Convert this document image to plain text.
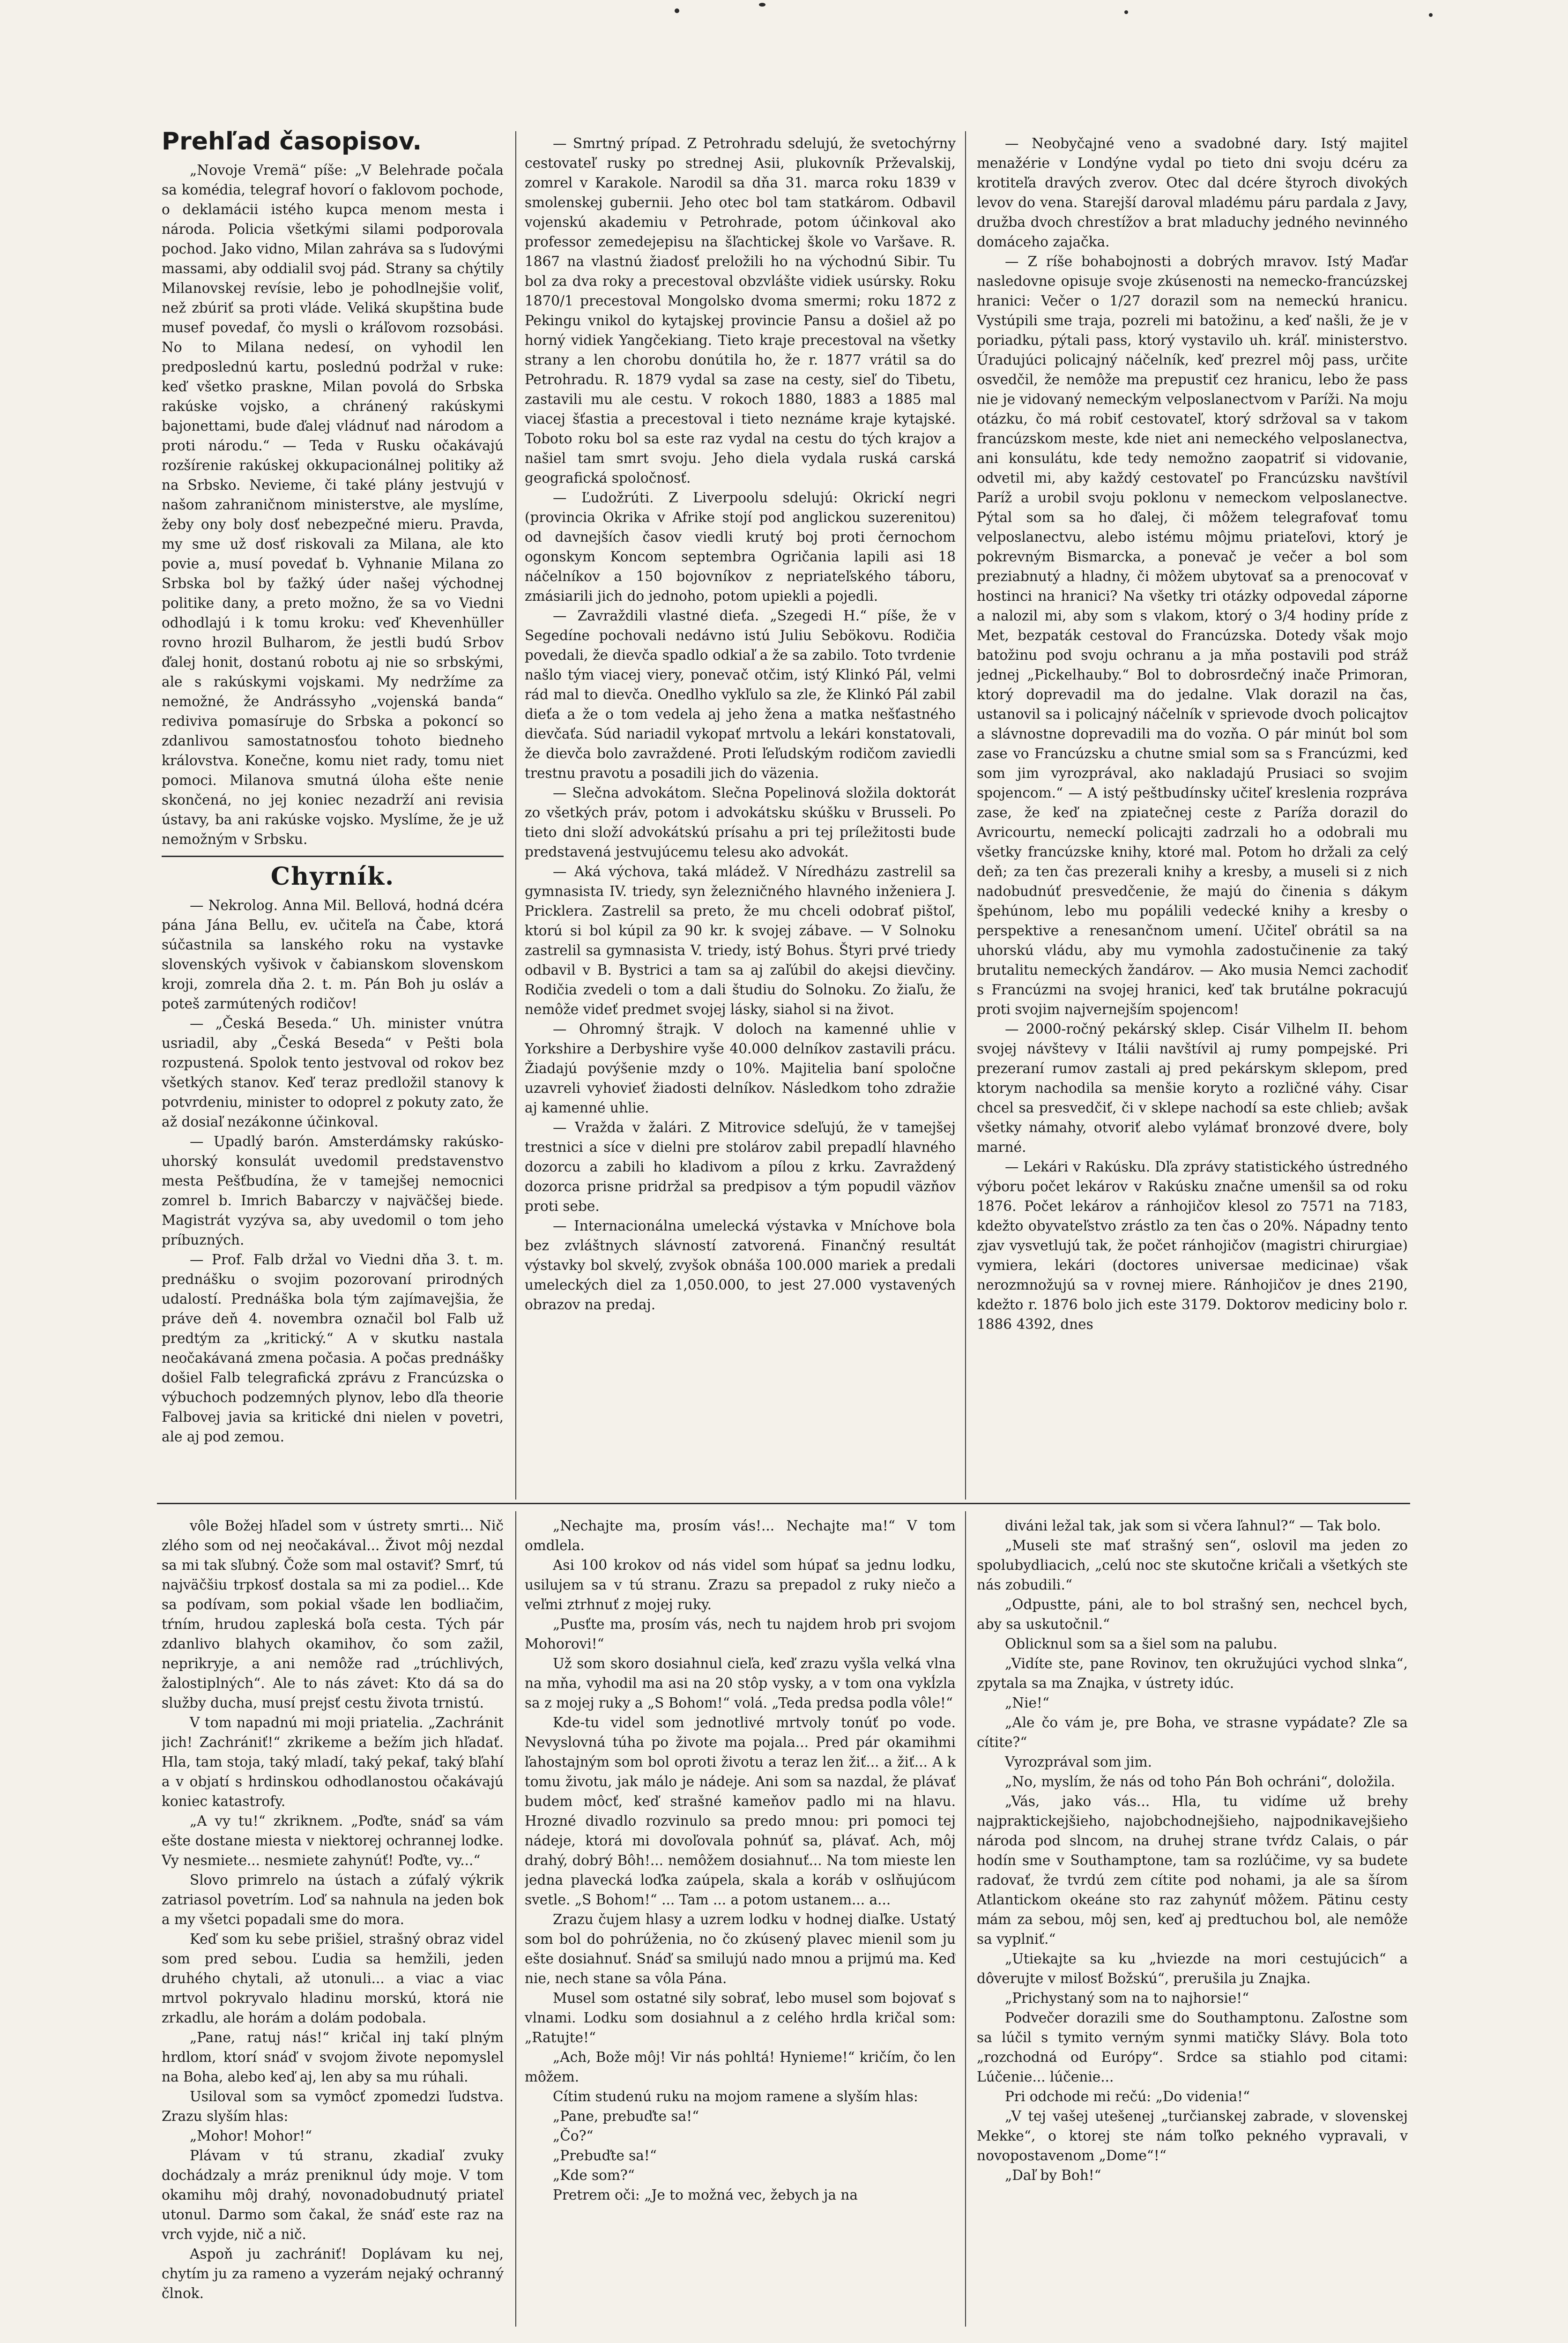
Prehľad časopisov.

„Novoje Vremä“ píše: „V Belehrade počala sa komédia, telegraf hovorí o faklovom pochode, o deklamácii istého kupca menom mesta i národa. Policia všetkými silami podporovala pochod. Jako vidno, Milan zahráva sa s ľudovými massami, aby oddialil svoj pád. Strany sa chýtily Milanovskej revísie, lebo je pohodlnejšie voliť, než zbúriť sa proti vláde. Veliká skupština bude musef povedaf, čo mysli o kráľovom rozsobási. No to Milana nedesí, on vyhodil len predposlednú kartu, poslednú podržal v ruke: keď všetko praskne, Milan povolá do Srbska rakúske vojsko, a chránený rakúskymi bajonettami, bude ďalej vládnuť nad národom a proti národu.“ — Teda v Rusku očakávajú rozšírenie rakúskej okkupacionálnej politiky až na Srbsko. Nevieme, či také plány jestvujú v našom zahraničnom ministerstve, ale myslíme, žeby ony boly dosť nebezpečné mieru. Pravda, my sme už dosť riskovali za Milana, ale kto povie a, musí povedať b. Vyhnanie Milana zo Srbska bol by ťažký úder našej východnej politike dany, a preto možno, že sa vo Viedni odhodlajú i k tomu kroku: veď Khevenhüller rovno hrozil Bulharom, že jestli budú Srbov ďalej honit, dostanú robotu aj nie so srbskými, ale s rakúskymi vojskami. My nedržíme za nemožné, že Andrássyho „vojenská banda“ rediviva pomasíruje do Srbska a pokoncí so zdanlivou samostatnosťou tohoto biedneho královstva. Konečne, komu niet rady, tomu niet pomoci. Milanova smutná úloha ešte nenie skončená, no jej koniec nezadrží ani revisia ústavy, ba ani rakúske vojsko. Myslíme, že je už nemožným v Srbsku.

Chyrník.

— Nekrolog. Anna Mil. Bellová, hodná dcéra pána Jána Bellu, ev. učiteľa na Čabe, ktorá súčastnila sa lanského roku na vystavke slovenských vyšivok v čabianskom slovenskom kroji, zomrela dňa 2. t. m. Pán Boh ju osláv a poteš zarmútených rodičov!

— „Česká Beseda.“ Uh. minister vnútra usriadil, aby „Česká Beseda“ v Pešti bola rozpustená. Spolok tento jestvoval od rokov bez všetkých stanov. Keď teraz predložil stanovy k potvrdeniu, minister to odoprel z pokuty zato, že až dosiaľ nezákonne účinkoval.

— Upadlý barón. Amsterdámsky rakúsko-uhorský konsulát uvedomil predstavenstvo mesta Pešťbudína, že v tamejšej nemocnici zomrel b. Imrich Babarczy v najväčšej biede. Magistrát vyzýva sa, aby uvedomil o tom jeho príbuzných.

— Prof. Falb držal vo Viedni dňa 3. t. m. prednášku o svojim pozorovaní prirodných udalostí. Prednáška bola tým zajímavejšia, že práve deň 4. novembra označil bol Falb už predtým za „kritický.“ A v skutku nastala neočakávaná zmena počasia. A počas prednášky došiel Falb telegrafická zprávu z Francúzska o výbuchoch podzemných plynov, lebo dľa theorie Falbovej javia sa kritické dni nielen v povetri, ale aj pod zemou.

— Smrtný prípad. Z Petrohradu sdelujú, že svetochýrny cestovateľ rusky po strednej Asii, plukovník Prževalskij, zomrel v Karakole. Narodil sa dňa 31. marca roku 1839 v smolenskej gubernii. Jeho otec bol tam statkárom. Odbavil vojenskú akademiu v Petrohrade, potom účinkoval ako professor zemedejepisu na šľachtickej škole vo Varšave. R. 1867 na vlastnú žiadosť preložili ho na východnú Sibir. Tu bol za dva roky a precestoval obzvlášte vidiek usúrsky. Roku 1870/1 precestoval Mongolsko dvoma smermi; roku 1872 z Pekingu vnikol do kytajskej provincie Pansu a došiel až po horný vidiek Yangčekiang. Tieto kraje precestoval na všetky strany a len chorobu donútila ho, že r. 1877 vrátil sa do Petrohradu. R. 1879 vydal sa zase na cesty, sieľ do Tibetu, zastavili mu ale cestu. V rokoch 1880, 1883 a 1885 mal viacej šťastia a precestoval i tieto neznáme kraje kytajské. Toboto roku bol sa este raz vydal na cestu do tých krajov a našiel tam smrt svoju. Jeho diela vydala ruská carská geografická spoločnosť.

— Ľudožrúti. Z Liverpoolu sdelujú: Okrickí negri (provincia Okrika v Afrike stojí pod anglickou suzerenitou) od davnejších časov viedli krutý boj proti černochom ogonskym Koncom septembra Ogričania lapili asi 18 náčelníkov a 150 bojovníkov z nepriateľského táboru, zmásiarili jich do jednoho, potom upiekli a pojedli.

— Zavraždili vlastné dieťa. „Szegedi H.“ píše, že v Segedíne pochovali nedávno istú Juliu Sebökovu. Rodičia povedali, že dievča spadlo odkiaľ a že sa zabilo. Toto tvrdenie našlo tým viacej viery, ponevač otčim, istý Klinkó Pál, velmi rád mal to dievča. Onedlho vykľulo sa zle, že Klinkó Pál zabil dieťa a že o tom vedela aj jeho žena a matka nešťastného dievčaťa. Súd nariadil vykopať mrtvolu a lekári konstatovali, že dievča bolo zavraždené. Proti ľeľudským rodičom zaviedli trestnu pravotu a posadili jich do väzenia.

— Slečna advokátom. Slečna Popelinová složila doktorát zo všetkých práv, potom i advokátsku skúšku v Brusseli. Po tieto dni složí advokátskú prísahu a pri tej príležitosti bude predstavená jestvujúcemu telesu ako advokát.

— Aká výchova, taká mládež. V Níredházu zastrelil sa gymnasista IV. triedy, syn železničného hlavného inženiera J. Pricklera. Zastrelil sa preto, že mu chceli odobrať pištoľ, ktorú si bol kúpil za 90 kr. k svojej zábave. — V Solnoku zastrelil sa gymnasista V. triedy, istý Bohus. Štyri prvé triedy odbavil v B. Bystrici a tam sa aj zaľúbil do akejsi dievčiny. Rodičia zvedeli o tom a dali študiu do Solnoku. Zo žiaľu, že nemôže videť predmet svojej lásky, siahol si na život.

— Ohromný štrajk. V doloch na kamenné uhlie v Yorkshire a Derbyshire vyše 40.000 delníkov zastavili prácu. Žiadajú povýšenie mzdy o 10%. Majitelia baní spoločne uzavreli vyhovieť žiadosti delníkov. Následkom toho zdražie aj kamenné uhlie.

— Vražda v žalári. Z Mitrovice sdeľujú, že v tamejšej trestnici a síce v dielni pre stolárov zabil prepadlí hlavného dozorcu a zabili ho kladivom a pílou z krku. Zavraždený dozorca prisne pridržal sa predpisov a tým popudil väzňov proti sebe.

— Internacionálna umelecká výstavka v Mníchove bola bez zvláštnych slávností zatvorená. Finančný resultát výstavky bol skvelý, zvyšok obnáša 100.000 mariek a predali umeleckých diel za 1,050.000, to jest 27.000 vystavených obrazov na predaj.

— Neobyčajné veno a svadobné dary. Istý majiteľ menažérie v Londýne vydal po tieto dni svoju dcéru za krotiteľa dravých zverov. Otec dal dcére štyroch divokých levov do vena. Starejší daroval mladému páru pardala z Javy, družba dvoch chrestížov a brat mladuchy jedného nevinného domáceho zajačka.

— Z ríše bohabojnosti a dobrých mravov. Istý Maďar nasledovne opisuje svoje zkúsenosti na nemecko-francúzskej hranici: Večer o 1/27 dorazil som na nemeckú hranicu. Vystúpili sme traja, pozreli mi batožinu, a keď našli, že je v poriadku, pýtali pass, ktorý vystavilo uh. kráľ. ministerstvo. Úradujúci policajný náčelník, keď prezrel môj pass, určite osvedčil, že nemôže ma prepustiť cez hranicu, lebo že pass nie je vidovaný nemeckým velposlanectvom v Paríži. Na moju otázku, čo má robiť cestovateľ, ktorý sdržoval sa v takom francúzskom meste, kde niet ani nemeckého velposlanectva, ani konsulátu, kde tedy nemožno zaopatriť si vidovanie, odvetil mi, aby každý cestovateľ po Francúzsku navštívil Paríž a urobil svoju poklonu v nemeckom velposlanectve. Pýtal som sa ho ďalej, či môžem telegrafovať tomu velposlanectvu, alebo istému môjmu priateľovi, ktorý je pokrevným Bismarcka, a ponevač je večer a bol som preziabnutý a hladny, či môžem ubytovať sa a prenocovať v hostinci na hranici? Na všetky tri otázky odpovedal záporne a nalozil mi, aby som s vlakom, ktorý o 3/4 hodiny príde z Met, bezpaták cestoval do Francúzska. Dotedy však mojo batožinu pod svoju ochranu a ja mňa postavili pod stráž jednej „Pickelhauby.“ Bol to dobrosrdečný inače Primoran, ktorý doprevadil ma do jedalne. Vlak dorazil na čas, ustanovil sa i policajný náčelník v sprievode dvoch policajtov a slávnostne doprevadili ma do vozňa. O pár minút bol som zase vo Francúzsku a chutne smial som sa s Francúzmi, keď som jim vyrozprával, ako nakladajú Prusiaci so svojim spojencom.“ — A istý peštbudínsky učiteľ kreslenia rozpráva zase, že keď na zpiatečnej ceste z Paríža dorazil do Avricourtu, nemeckí policajti zadrzali ho a odobrali mu všetky francúzske knihy, ktoré mal. Potom ho držali za celý deň; za ten čas prezerali knihy a kresby, a museli si z nich nadobudnúť presvedčenie, že majú do činenia s dákym špehúnom, lebo mu popálili vedecké knihy a kresby o perspektive a renesančnom umení. Učiteľ obrátil sa na uhorskú vládu, aby mu vymohla zadostučinenie za taký brutalitu nemeckých žandárov. — Ako musia Nemci zachodiť s Francúzmi na svojej hranici, keď tak brutálne pokracujú proti svojim najvernejším spojencom!

— 2000-ročný pekárský sklep. Cisár Vilhelm II. behom svojej návštevy v Itálii navštívil aj rumy pompejské. Pri prezeraní rumov zastali aj pred pekárskym sklepom, pred ktorym nachodila sa menšie koryto a rozličné váhy. Cisar chcel sa presvedčiť, či v sklepe nachodí sa este chlieb; avšak všetky námahy, otvoriť alebo vylámať bronzové dvere, boly marné.

— Lekári v Rakúsku. Dľa zprávy statistického ústredného výboru počet lekárov v Rakúsku značne umenšil sa od roku 1876. Počet lekárov a ránhojičov klesol zo 7571 na 7183, kdežto obyvateľstvo zrástlo za ten čas o 20%. Nápadny tento zjav vysvetlujú tak, že počet ránhojičov (magistri chirurgiae) vymiera, lekári (doctores universae medicinae) však nerozmnožujú sa v rovnej miere. Ránhojičov je dnes 2190, kdežto r. 1876 bolo jich este 3179. Doktorov mediciny bolo r. 1886 4392, dnes

vôle Božej hľadel som v ústrety smrti... Nič zlého som od nej neočakával... Život môj nezdal sa mi tak sľubný. Čože som mal ostaviť? Smrť, tú najväčšiu trpkosť dostala sa mi za podiel... Kde sa podívam, som pokial všade len bodliačim, tŕním, hrudou zapleská boľa cesta. Tých pár zdanlivo blahych okamihov, čo som zažil, neprikryje, a ani nemôže rad „trúchlivých, žalostiplných“. Ale to nás závet: Kto dá sa do služby ducha, musí prejsť cestu života trnistú.

V tom napadnú mi moji priatelia. „Zachránit jich! Zachrániť!“ zkrikeme a bežím jich hľadať. Hla, tam stoja, taký mladí, taký pekaf, taký bľahí a v objatí s hrdinskou odhodlanostou očakávajú koniec katastrofy.

„A vy tu!“ zkriknem. „Poďte, snáď sa vám ešte dostane miesta v niektorej ochrannej lodke. Vy nesmiete... nesmiete zahynúť! Poďte, vy...“

Slovo primrelo na ústach a zúfalý výkrik zatriasol povetrím. Loď sa nahnula na jeden bok a my všetci popadali sme do mora.

Keď som ku sebe prišiel, strašný obraz videl som pred sebou. Ľudia sa hemžili, jeden druhého chytali, až utonuli... a viac a viac mrtvol pokryvalo hladinu morskú, ktorá nie zrkadlu, ale horám a dolám podobala.

„Pane, ratuj nás!“ kričal inj takí plným hrdlom, ktorí snáď v svojom živote nepomyslel na Boha, alebo keď aj, len aby sa mu rúhali.

Usiloval som sa vymôcť zpomedzi ľudstva. Zrazu slyším hlas:

„Mohor! Mohor!“

Plávam v tú stranu, zkadiaľ zvuky dochádzaly a mráz preniknul údy moje. V tom okamihu môj drahý, novonadobudnutý priateľ utonul. Darmo som čakal, že snáď este raz na vrch vyjde, nič a nič.

Aspoň ju zachrániť! Doplávam ku nej, chytím ju za rameno a vyzerám nejaký ochranný člnok.

„Nechajte ma, prosím vás!... Nechajte ma!“ V tom omdlela.

Asi 100 krokov od nás videl som húpať sa jednu lodku, usilujem sa v tú stranu. Zrazu sa prepadol z ruky niečo a veľmi ztrhnuť z mojej ruky.

„Pusťte ma, prosím vás, nech tu najdem hrob pri svojom Mohorovi!“

Už som skoro dosiahnul cieľa, keď zrazu vyšla velká vlna na mňa, vyhodil ma asi na 20 stôp vysky, a v tom ona vykĺzla sa z mojej ruky a „S Bohom!“ volá. „Teda predsa podla vôle!“

Kde-tu videl som jednotlivé mrtvoly tonúť po vode. Nevyslovná túha po živote ma pojala... Pred pár okamihmi ľahostajným som bol oproti životu a teraz len žiť... a žiť... A k tomu životu, jak málo je nádeje. Ani som sa nazdal, že plávať budem môcť, keď strašné kameňov padlo mi na hlavu. Hrozné divadlo rozvinulo sa predo mnou: pri pomoci tej nádeje, ktorá mi dovoľovala pohnúť sa, plávať. Ach, môj drahý, dobrý Bôh!... nemôžem dosiahnuť... Na tom mieste len jedna plavecká loďka zaúpela, skala a koráb v oslňujúcom svetle. „S Bohom!“ ... Tam ... a potom ustanem... a...

Zrazu čujem hlasy a uzrem lodku v hodnej diaľke. Ustatý som bol do pohrúženia, no čo zkúsený plavec mienil som ju ešte dosiahnuť. Snáď sa smilujú nado mnou a prijmú ma. Keď nie, nech stane sa vôla Pána.

Musel som ostatné sily sobrať, lebo musel som bojovať s vlnami. Lodku som dosiahnul a z celého hrdla kričal som: „Ratujte!“

„Ach, Bože môj! Vir nás pohltá! Hynieme!“ kričím, čo len môžem.

Cítim studenú ruku na mojom ramene a slyším hlas:

„Pane, prebuďte sa!“

„Čo?“

„Prebuďte sa!“

„Kde som?“

Pretrem oči: „Je to možná vec, žebych ja na

diváni ležal tak, jak som si včera ľahnul?“ — Tak bolo.

„Museli ste mať strašný sen“, oslovil ma jeden zo spolubydliacich, „celú noc ste skutočne kričali a všetkých ste nás zobudili.“

„Odpustte, páni, ale to bol strašný sen, nechcel bych, aby sa uskutočnil.“

Oblicknul som sa a šiel som na palubu.

„Vidíte ste, pane Rovinov, ten okružujúci vychod slnka“, zpytala sa ma Znajka, v ústrety idúc.

„Nie!“

„Ale čo vám je, pre Boha, ve strasne vypádate? Zle sa cítite?“

Vyrozprával som jim.

„No, myslím, že nás od toho Pán Boh ochráni“, doložila.

„Vás, jako vás... Hla, tu vidíme už brehy najpraktickejšieho, najobchodnejšieho, najpodnikavejšieho národa pod slncom, na druhej strane tvŕdz Calais, o pár hodín sme v Southamptone, tam sa rozlúčime, vy sa budete radovať, že tvrdú zem cítite pod nohami, ja ale sa šírom Atlantickom okeáne sto raz zahynúť môžem. Pätinu cesty mám za sebou, môj sen, keď aj predtuchou bol, ale nemôže sa vyplniť.“

„Utiekajte sa ku „hviezde na mori cestujúcich“ a dôverujte v milosť Božskú“, prerušila ju Znajka.

„Prichystaný som na to najhorsie!“

Podvečer dorazili sme do Southamptonu. Zaľostne som sa lúčil s tymito verným synmi matičky Slávy. Bola toto „rozchodná od Európy“. Srdce sa stiahlo pod citami: Lúčenie... lúčenie...

Pri odchode mi rečú: „Do videnia!“

„V tej vašej utešenej „turčianskej zabrade, v slovenskej Mekke“, o ktorej ste nám toľko pekného vypravali, v novopostavenom „Dome“!“

„Daľ by Boh!“
